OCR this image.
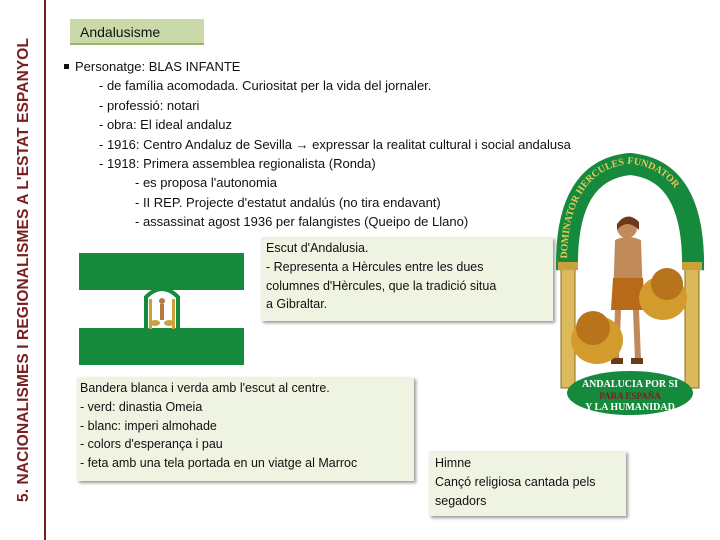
5. NACIONALISMES I REGIONALISMES A L'ESTAT ESPANYOL
Andalusisme
Personatge: BLAS INFANTE
- de família acomodada. Curiositat per la vida del jornaler.
- professió: notari
- obra: El ideal andaluz
- 1916: Centro Andaluz de Sevilla → expressar la realitat cultural i social andalusa
- 1918: Primera assemblea regionalista (Ronda)
- es proposa l'autonomia
- II REP. Projecte d'estatut andalús (no tira endavant)
- assassinat agost 1936 per falangistes (Queipo de Llano)
DOMINATOR HERCULES FUNDATOR
ANDALUCIA POR SI
PARA ESPAÑA
Y LA HUMANIDAD
Escut d'Andalusia.
- Representa a Hèrcules entre les dues
columnes d'Hèrcules, que la tradició situa
a Gibraltar.
Bandera blanca i verda amb l'escut al centre.
- verd: dinastia Omeia
- blanc: imperi almohade
- colors d'esperança i pau
- feta amb una tela portada en un viatge al Marroc	Himne
Cançó religiosa cantada pels
segadors
